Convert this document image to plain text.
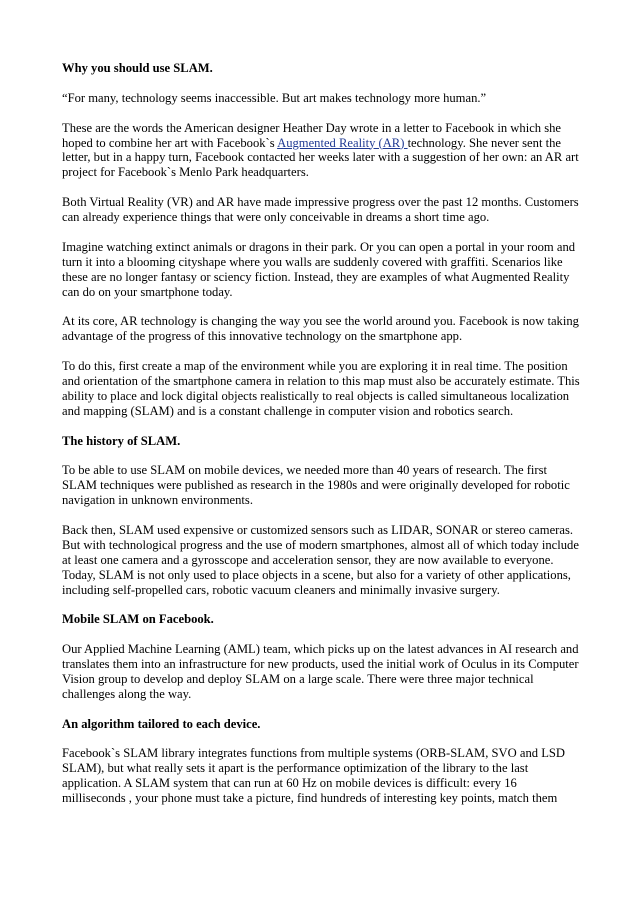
Why you should use SLAM.

“For many, technology seems inaccessible. But art makes technology more human.”

These are the words the American designer Heather Day wrote in a letter to Facebook in which she hoped to combine her art with Facebook`s Augmented Reality (AR) technology. She never sent the letter, but in a happy turn, Facebook contacted her weeks later with a suggestion of her own: an AR art project for Facebook`s Menlo Park headquarters.

Both Virtual Reality (VR) and AR have made impressive progress over the past 12 months. Customers can already experience things that were only conceivable in dreams a short time ago.

Imagine watching extinct animals or dragons in their park. Or you can open a portal in your room and turn it into a blooming cityshape where you walls are suddenly covered with graffiti. Scenarios like these are no longer fantasy or sciency fiction. Instead, they are examples of what Augmented Reality can do on your smartphone today.

At its core, AR technology is changing the way you see the world around you. Facebook is now taking advantage of the progress of this innovative technology on the smartphone app.

To do this, first create a map of the environment while you are exploring it in real time. The position and orientation of the smartphone camera in relation to this map must also be accurately estimate. This ability to place and lock digital objects realistically to real objects is called simultaneous localization and mapping (SLAM) and is a constant challenge in computer vision and robotics search.

The history of SLAM.

To be able to use SLAM on mobile devices, we needed more than 40 years of research. The first SLAM techniques were published as research in the 1980s and were originally developed for robotic navigation in unknown environments.

Back then, SLAM used expensive or customized sensors such as LIDAR, SONAR or stereo cameras. But with technological progress and the use of modern smartphones, almost all of which today include at least one camera and a gyrosscope and acceleration sensor, they are now available to everyone. Today, SLAM is not only used to place objects in a scene, but also for a variety of other applications, including self-propelled cars, robotic vacuum cleaners and minimally invasive surgery.

Mobile SLAM on Facebook.

Our Applied Machine Learning (AML) team, which picks up on the latest advances in AI research and translates them into an infrastructure for new products, used the initial work of Oculus in its Computer Vision group to develop and deploy SLAM on a large scale. There were three major technical challenges along the way.

An algorithm tailored to each device.

Facebook`s SLAM library integrates functions from multiple systems (ORB-SLAM, SVO and LSD SLAM), but what really sets it apart is the performance optimization of the library to the last application. A SLAM system that can run at 60 Hz on mobile devices is difficult: every 16 milliseconds , your phone must take a picture, find hundreds of interesting key points, match them
